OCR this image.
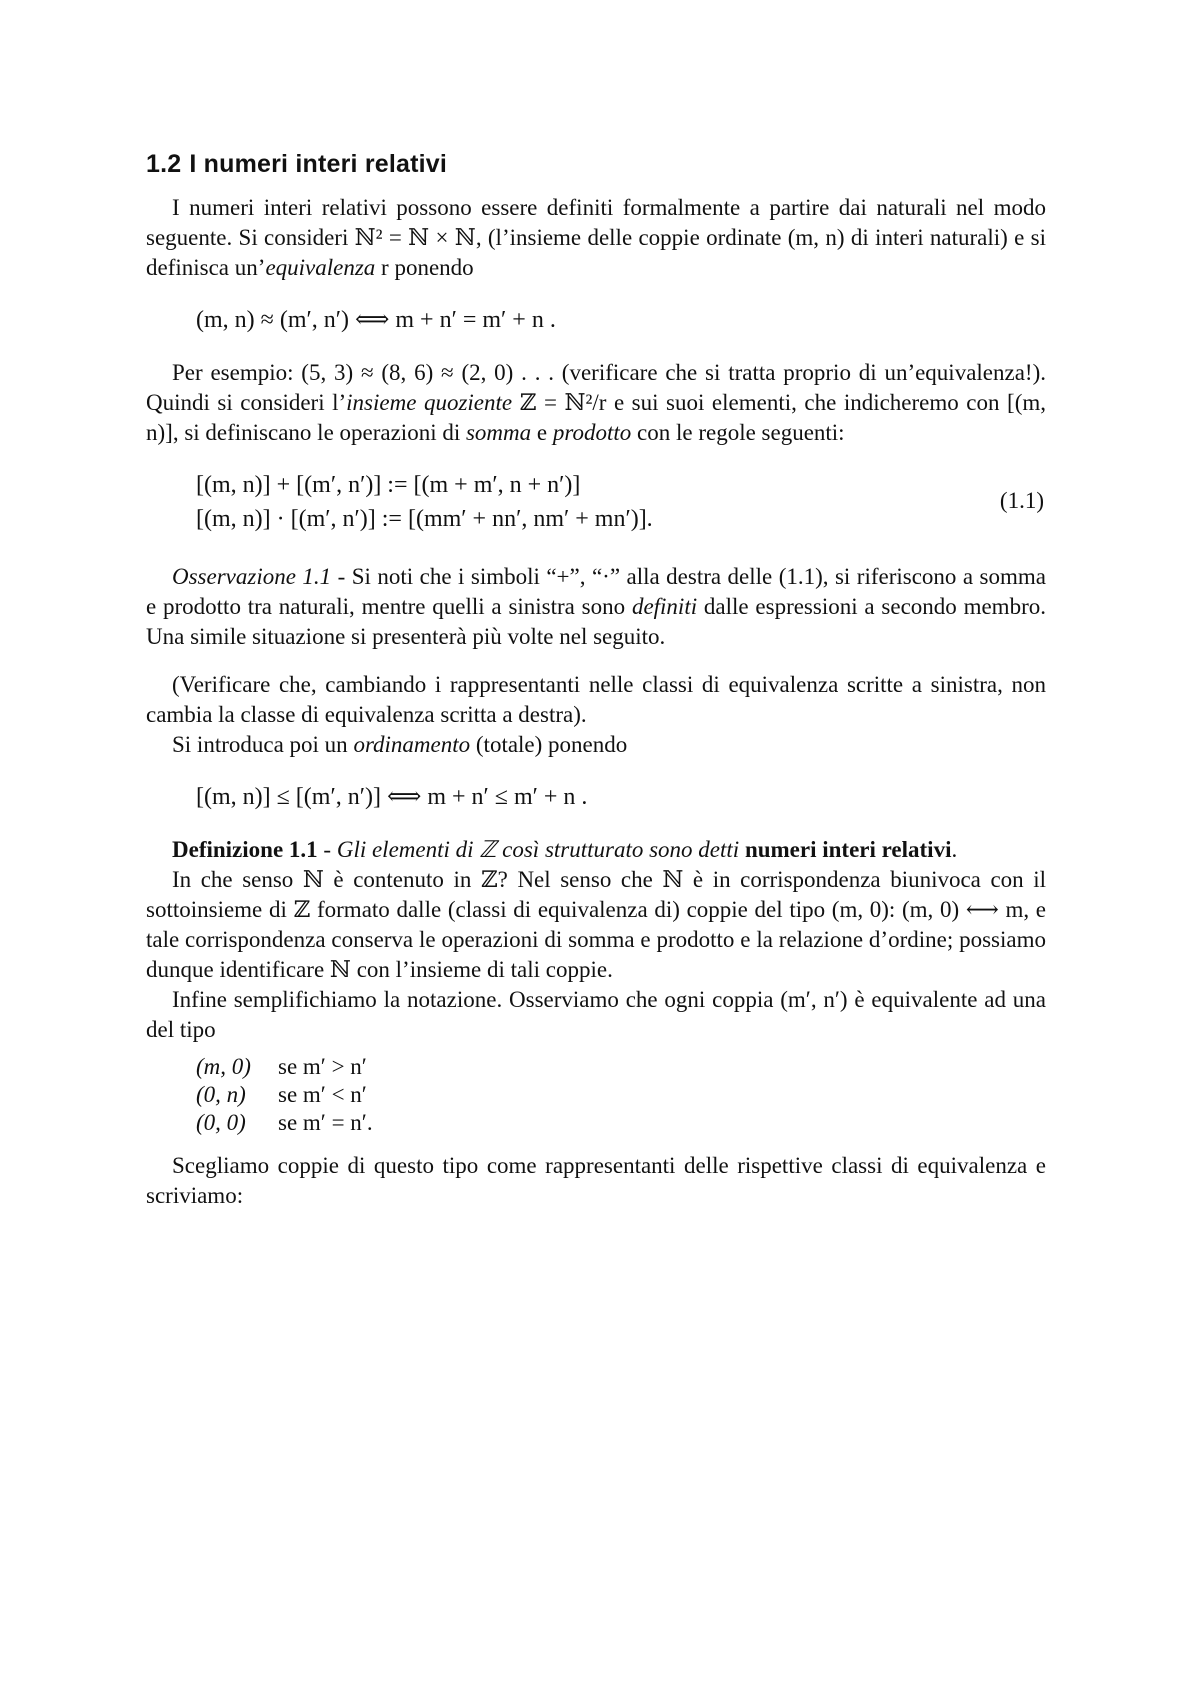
1.2 I numeri interi relativi

I numeri interi relativi possono essere definiti formalmente a partire dai naturali nel modo seguente. Si consideri ℕ² = ℕ × ℕ, (l’insieme delle coppie ordinate (m, n) di interi naturali) e si definisca un’equivalenza r ponendo

(m, n) ≈ (m′, n′) ⟺ m + n′ = m′ + n .

Per esempio: (5, 3) ≈ (8, 6) ≈ (2, 0) . . . (verificare che si tratta proprio di un’equivalenza!). Quindi si consideri l’insieme quoziente ℤ = ℕ²/r e sui suoi elementi, che indicheremo con [(m, n)], si definiscano le operazioni di somma e prodotto con le regole seguenti:

[(m, n)] + [(m′, n′)] := [(m + m′, n + n′)]
[(m, n)] · [(m′, n′)] := [(mm′ + nn′, nm′ + mn′)].
(1.1)

Osservazione 1.1 - Si noti che i simboli “+”, “·” alla destra delle (1.1), si riferiscono a somma e prodotto tra naturali, mentre quelli a sinistra sono definiti dalle espressioni a secondo membro. Una simile situazione si presenterà più volte nel seguito.

(Verificare che, cambiando i rappresentanti nelle classi di equivalenza scritte a sinistra, non cambia la classe di equivalenza scritta a destra).

Si introduca poi un ordinamento (totale) ponendo

[(m, n)] ≤ [(m′, n′)] ⟺ m + n′ ≤ m′ + n .

Definizione 1.1 - Gli elementi di ℤ così strutturato sono detti numeri interi relativi.

In che senso ℕ è contenuto in ℤ? Nel senso che ℕ è in corrispondenza biunivoca con il sottoinsieme di ℤ formato dalle (classi di equivalenza di) coppie del tipo (m, 0): (m, 0) ⟷ m, e tale corrispondenza conserva le operazioni di somma e prodotto e la relazione d’ordine; possiamo dunque identificare ℕ con l’insieme di tali coppie.

Infine semplifichiamo la notazione. Osserviamo che ogni coppia (m′, n′) è equivalente ad una del tipo

(m, 0)	se m′ > n′
(0, n)	se m′ < n′
(0, 0)	se m′ = n′.

Scegliamo coppie di questo tipo come rappresentanti delle rispettive classi di equivalenza e scriviamo:
